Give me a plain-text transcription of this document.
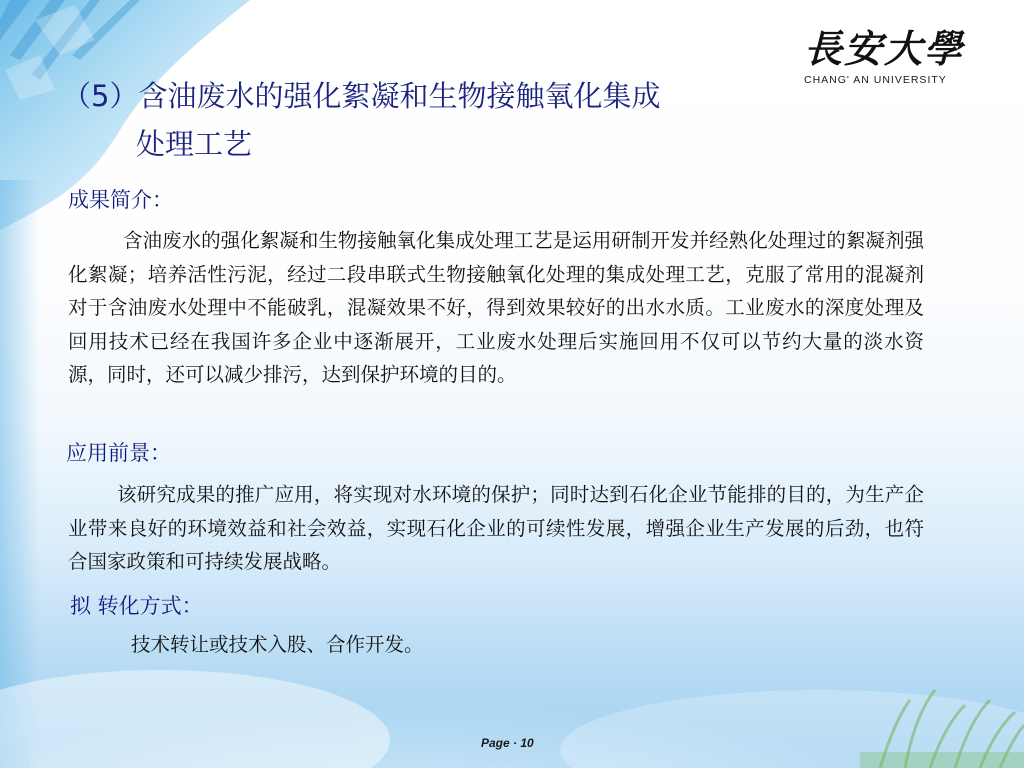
長安大學
CHANG' AN UNIVERSITY
（5）含油废水的强化絮凝和生物接触氧化集成
处理工艺
成果简介：
含油废水的强化絮凝和生物接触氧化集成处理工艺是运用研制开发并经熟化处理过的絮凝剂强化絮凝；培养活性污泥，经过二段串联式生物接触氧化处理的集成处理工艺，克服了常用的混凝剂对于含油废水处理中不能破乳，混凝效果不好，得到效果较好的出水水质。工业废水的深度处理及回用技术已经在我国许多企业中逐渐展开，工业废水处理后实施回用不仅可以节约大量的淡水资源，同时，还可以减少排污，达到保护环境的目的。
应用前景：
该研究成果的推广应用，将实现对水环境的保护；同时达到石化企业节能排的目的，为生产企业带来良好的环境效益和社会效益，实现石化企业的可续性发展，增强企业生产发展的后劲，也符合国家政策和可持续发展战略。
拟 转化方式：
技术转让或技术入股、合作开发。
Page · 10
